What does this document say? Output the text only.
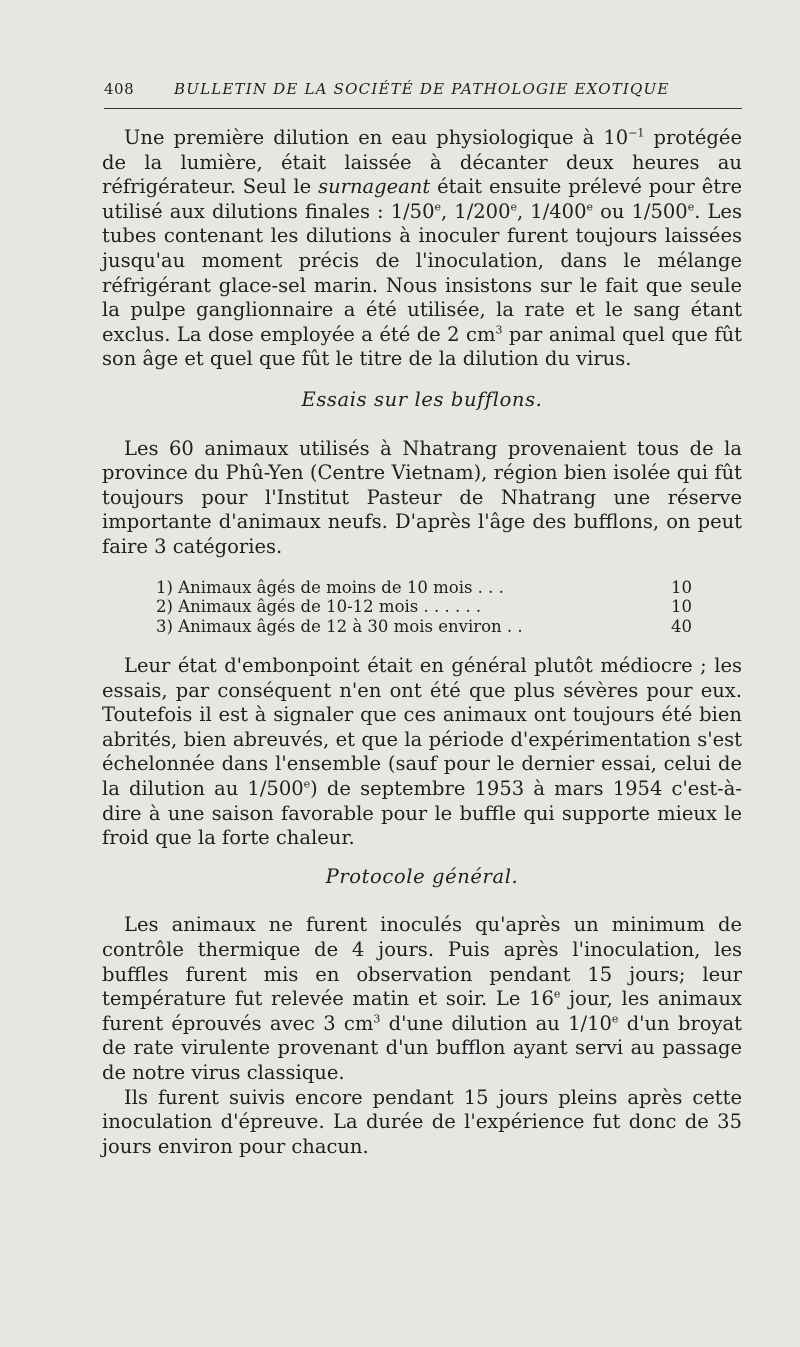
408	BULLETIN DE LA SOCIÉTÉ DE PATHOLOGIE EXOTIQUE

Une première dilution en eau physiologique à $10^{-1}$ protégée de la lumière, était laissée à décanter deux heures au réfrigérateur. Seul le surnageant était ensuite prélevé pour être utilisé aux dilutions finales : 1/50e, 1/200e, 1/400e ou 1/500e. Les tubes contenant les dilutions à inoculer furent toujours laissées jusqu'au moment précis de l'inoculation, dans le mélange réfrigérant glace-sel marin. Nous insistons sur le fait que seule la pulpe ganglionnaire a été utilisée, la rate et le sang étant exclus. La dose employée a été de 2 $cm^3$ par animal quel que fût son âge et quel que fût le titre de la dilution du virus.

Essais sur les bufflons.

Les 60 animaux utilisés à Nhatrang provenaient tous de la province du Phû-Yen (Centre Vietnam), région bien isolée qui fût toujours pour l'Institut Pasteur de Nhatrang une réserve importante d'animaux neufs. D'après l'âge des bufflons, on peut faire 3 catégories.

1) Animaux âgés de moins de 10 mois . . .	10
2) Animaux âgés de 10-12 mois . . . . . .	10
3) Animaux âgés de 12 à 30 mois environ . .	40

Leur état d'embonpoint était en général plutôt médiocre ; les essais, par conséquent n'en ont été que plus sévères pour eux. Toutefois il est à signaler que ces animaux ont toujours été bien abrités, bien abreuvés, et que la période d'expérimentation s'est échelonnée dans l'ensemble (sauf pour le dernier essai, celui de la dilution au 1/500e) de septembre 1953 à mars 1954 c'est-à-dire à une saison favorable pour le buffle qui supporte mieux le froid que la forte chaleur.

Protocole général.

Les animaux ne furent inoculés qu'après un minimum de contrôle thermique de 4 jours. Puis après l'inoculation, les buffles furent mis en observation pendant 15 jours; leur température fut relevée matin et soir. Le 16e jour, les animaux furent éprouvés avec 3 $cm^3$ d'une dilution au 1/10e d'un broyat de rate virulente provenant d'un bufflon ayant servi au passage de notre virus classique.

Ils furent suivis encore pendant 15 jours pleins après cette inoculation d'épreuve. La durée de l'expérience fut donc de 35 jours environ pour chacun.
